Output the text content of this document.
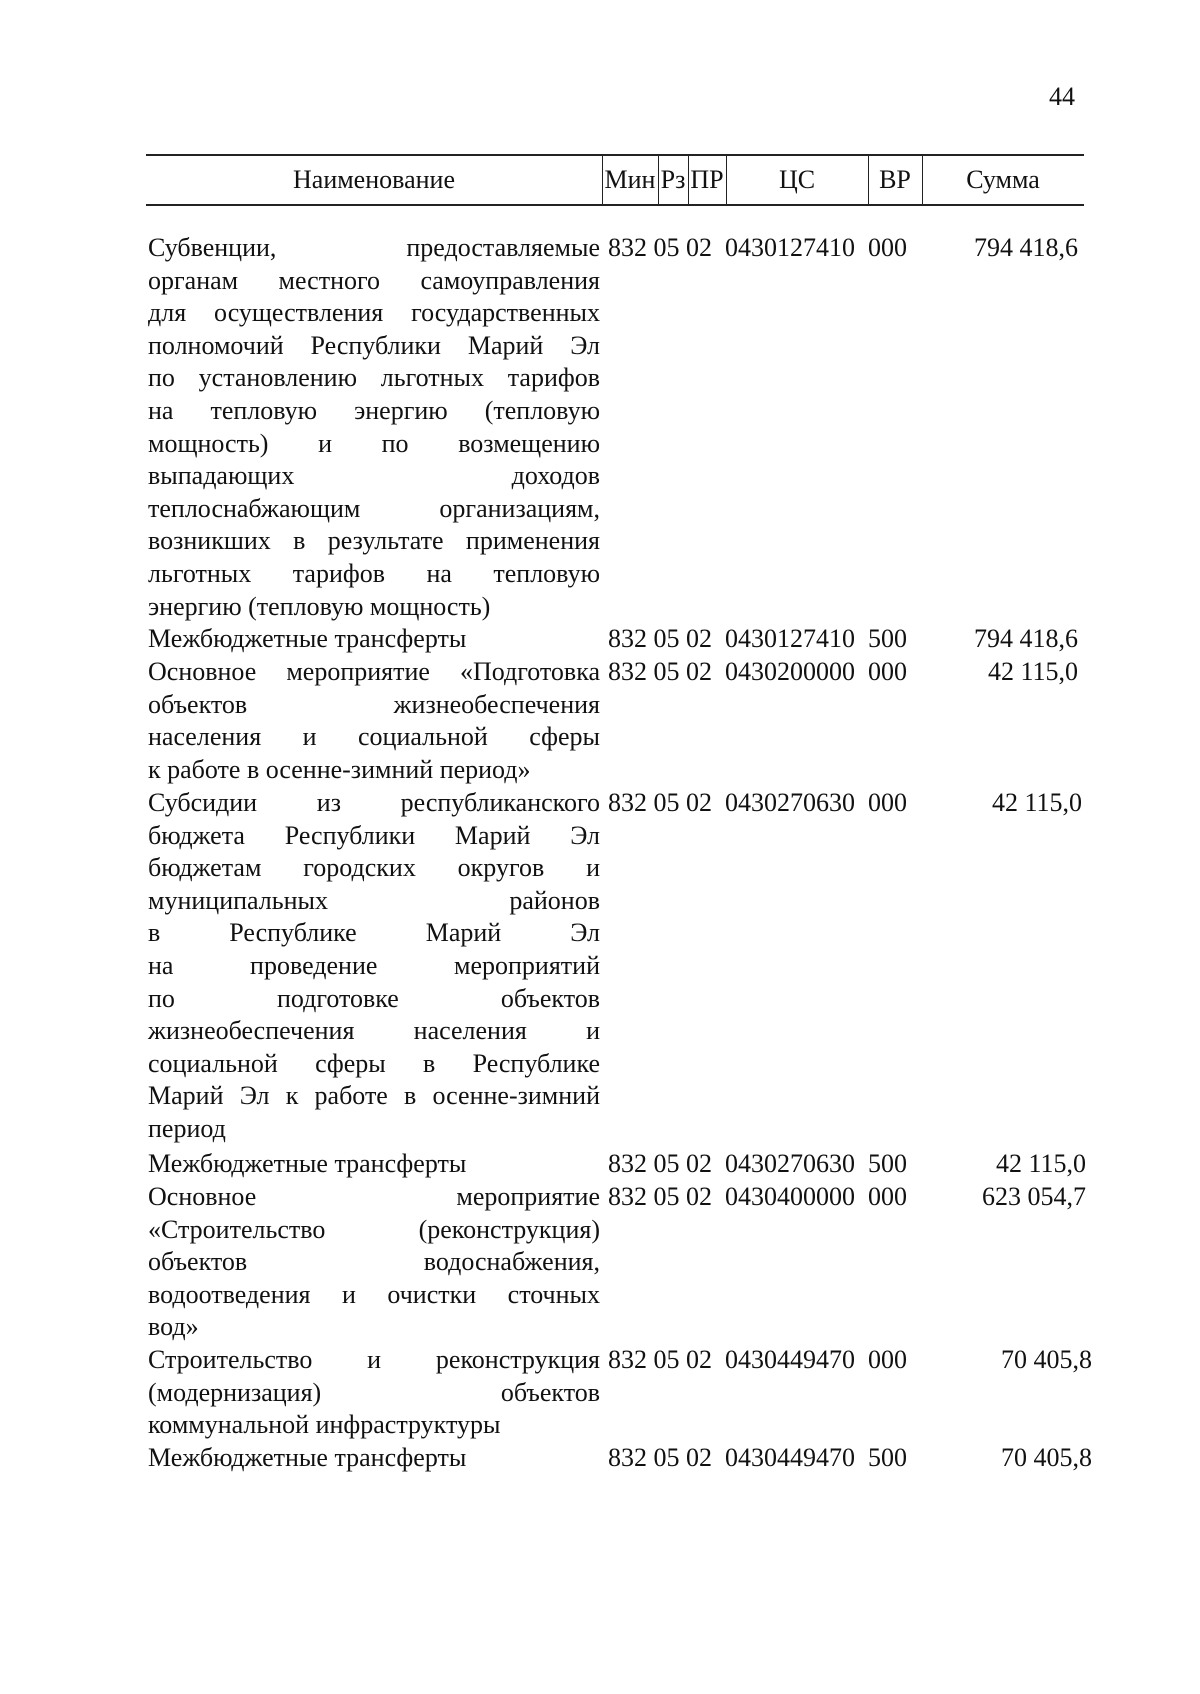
44
Наименование	Мин Рз ПР	ЦС	ВР	Сумма
Субвенции, предоставляемые
органам местного самоуправления
для осуществления государственных
полномочий Республики Марий Эл
по установлению льготных тарифов
на тепловую энергию (тепловую
мощность) и по возмещению
выпадающих доходов
теплоснабжающим организациям,
возникших в результате применения
льготных тарифов на тепловую
энергию (тепловую мощность)
832 05 02  0430127410  000	794 418,6
Межбюджетные трансферты	832 05 02  0430127410  500	794 418,6
Основное мероприятие «Подготовка
объектов жизнеобеспечения
населения и социальной сферы
к работе в осенне-зимний период»
832 05 02  0430200000  000	42 115,0
Субсидии из республиканского
бюджета Республики Марий Эл
бюджетам городских округов и
муниципальных районов
в Республике Марий Эл
на проведение мероприятий
по подготовке объектов
жизнеобеспечения населения и
социальной сферы в Республике
Марий Эл к работе в осенне-зимний
период
832 05 02  0430270630  000	42 115,0
Межбюджетные трансферты	832 05 02  0430270630  500	42 115,0
Основное мероприятие
«Строительство (реконструкция)
объектов водоснабжения,
водоотведения и очистки сточных
вод»
832 05 02  0430400000  000	623 054,7
Строительство и реконструкция
(модернизация) объектов
коммунальной инфраструктуры
832 05 02  0430449470  000	70 405,8
Межбюджетные трансферты	832 05 02  0430449470  500	70 405,8
